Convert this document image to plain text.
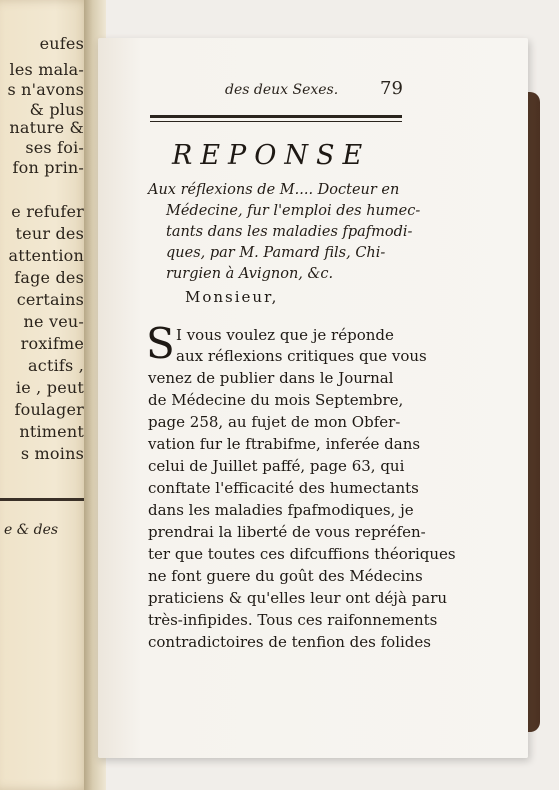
eufes
les mala-
s n'avons
& plus
nature &
ses foi-
fon prin-
e refufer
teur des
attention
fage des
certains
ne veu-
roxifme
actifs ,
ie , peut
foulager
ntiment
s moins
e & des
des deux Sexes. 79
REPONSE
Aux réflexions de M.... Docteur en
Médecine, fur l'emploi des humec-
tants dans les maladies fpafmodi-
ques, par M. Pamard fils, Chi-
rurgien à Avignon, &c.
Monsieur,
S I vous voulez que je réponde
aux réflexions critiques que vous
venez de publier dans le Journal
de Médecine du mois Septembre,
page 258, au fujet de mon Obfer-
vation fur le ftrabifme, inferée dans
celui de Juillet paffé, page 63, qui
conftate l'efficacité des humectants
dans les maladies fpafmodiques, je
prendrai la liberté de vous repréfen-
ter que toutes ces difcuffions théoriques
ne font guere du goût des Médecins
praticiens & qu'elles leur ont déjà paru
très-infipides. Tous ces raifonnements
contradictoires de tenfion des folides
